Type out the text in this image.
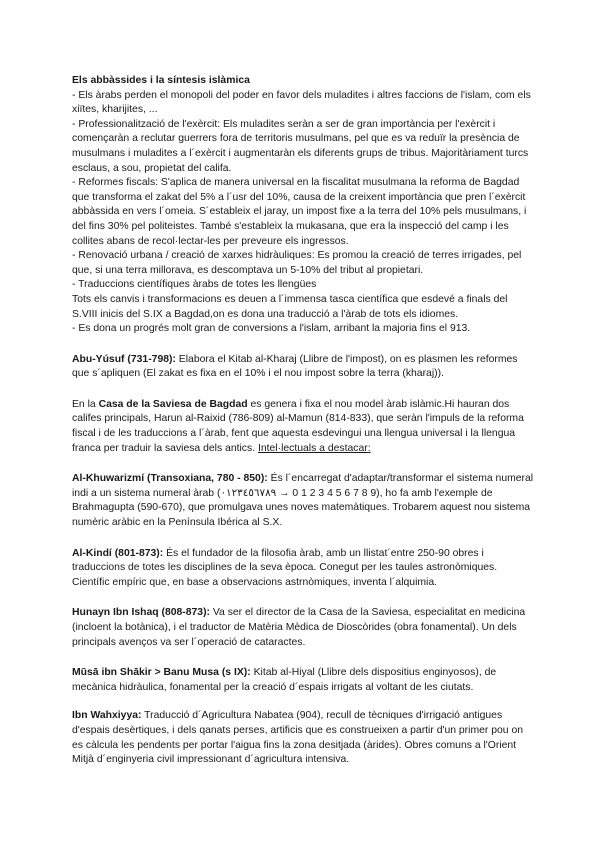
Els abbàssides i la síntesis islàmica
- Els àrabs perden el monopoli del poder en favor dels muladites i altres faccions de l'islam, com els xiïtes, kharijites, ...
- Professionalització de l'exèrcit: Els muladites seràn a ser de gran importància per l'exèrcit i començaràn a reclutar guerrers fora de territoris musulmans, pel que es va reduïr la presència de musulmans i muladites a l´exèrcit i augmentaràn els diferents grups de tribus. Majoritàriament turcs esclaus, a sou, propietat del califa.
- Reformes fiscals: S'aplica de manera universal en la fiscalitat musulmana la reforma de Bagdad que transforma el zakat del 5% a l´usr del 10%, causa de la creixent importància que pren l´exèrcit abbàssida en vers l´omeia. S´estableix el jaray, un impost fixe a la terra del 10% pels musulmans, i del fins 30% pel politeistes. També s'estableix la mukasana, que era la inspecció del camp i les collites abans de recol·lectar-les per preveure els ingressos.
- Renovació urbana / creació de xarxes hidràuliques: Es promou la creació de terres irrigades, pel que, si una terra millorava, es descomptava un 5-10% del tribut al propietari.
- Traduccions científiques àrabs de totes les llengües
Tots els canvis i transformacions es deuen a l´immensa tasca científica que esdevé a finals del S.VIII inicis del S.IX a Bagdad,on es dona una traducció a l'àrab de tots els idiomes.
- Es dona un progrés molt gran de conversions a l'islam, arribant la majoria fins el 913.

Abu-Yúsuf (731-798): Elabora el Kitab al-Kharaj (Llibre de l'impost), on es plasmen les reformes que s´apliquen (El zakat es fixa en el 10% i el nou impost sobre la terra (kharaj)).

En la Casa de la Saviesa de Bagdad es genera i fixa el nou model àrab islàmic.Hi hauran dos califes principals, Harun al-Raixid (786-809) al-Mamun (814-833), que seràn l'impuls de la reforma fiscal i de les traduccions a l´àrab, fent que aquesta esdevingui una llengua universal i la llengua franca per traduir la saviesa dels antics. Intel·lectuals a destacar:

Al-Khuwarizmí (Transoxiana, 780 - 850): És l´encarregat d'adaptar/transformar el sistema numeral indi a un sistema numeral àrab (٠١٢٣٤٥٦٧٨٩ → 0 1 2 3 4 5 6 7 8 9), ho fa amb l'exemple de Brahmagupta (590-670), que promulgava unes noves matemàtiques. Trobarem aquest nou sistema numèric aràbic en la Península Ibérica al S.X.

Al-Kindí (801-873): És el fundador de la filosofia àrab, amb un llistat´entre 250-90 obres i traduccions de totes les disciplines de la seva època. Conegut per les taules astronòmiques. Científic empíric que, en base a observacions astrnòmiques, inventa l´alquimia.

Hunayn Ibn Ishaq (808-873): Va ser el director de la Casa de la Saviesa, especialitat en medicina (incloent la botànica), i el traductor de Matèria Mèdica de Dioscòrides (obra fonamental). Un dels principals avenços va ser l´operació de cataractes.

Mūsā ibn Shākir > Banu Musa (s IX): Kitab al-Hiyal (Llibre dels dispositius enginyosos), de mecànica hidràulica, fonamental per la creació d´espais irrigats al voltant de les ciutats.

Ibn Wahxiyya: Traducció d´Agricultura Nabatea (904), recull de tècniques d'irrigació antigues d'espais desèrtiques, i dels qanats perses, artificis que es construeixen a partir d'un primer pou on es càlcula les pendents per portar l'aigua fins la zona desitjada (àrides). Obres comuns a l'Orient Mitjà d´enginyeria civil impressionant d´agricultura intensiva.
